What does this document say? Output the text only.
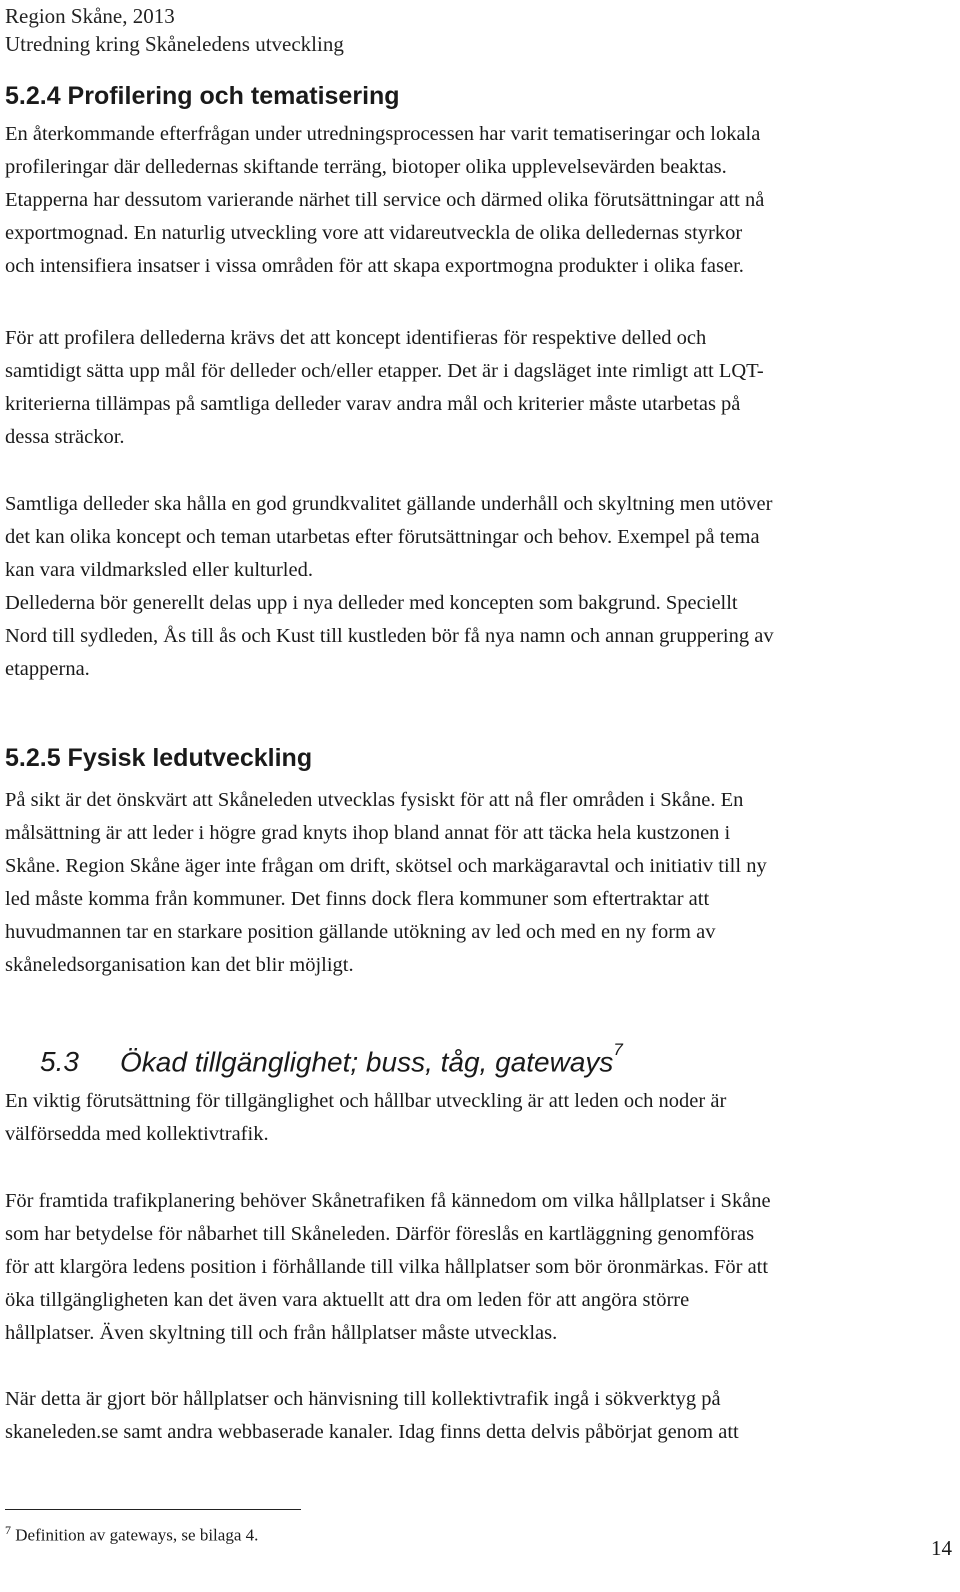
Region Skåne, 2013
Utredning kring Skåneledens utveckling
5.2.4 Profilering och tematisering
En återkommande efterfrågan under utredningsprocessen har varit tematiseringar och lokala
profileringar där delledernas skiftande terräng, biotoper olika upplevelsevärden beaktas.
Etapperna har dessutom varierande närhet till service och därmed olika förutsättningar att nå
exportmognad. En naturlig utveckling vore att vidareutveckla de olika delledernas styrkor
och intensifiera insatser i vissa områden för att skapa exportmogna produkter i olika faser.
För att profilera dellederna krävs det att koncept identifieras för respektive delled och
samtidigt sätta upp mål för delleder och/eller etapper. Det är i dagsläget inte rimligt att LQT-
kriterierna tillämpas på samtliga delleder varav andra mål och kriterier måste utarbetas på
dessa sträckor.
Samtliga delleder ska hålla en god grundkvalitet gällande underhåll och skyltning men utöver
det kan olika koncept och teman utarbetas efter förutsättningar och behov. Exempel på tema
kan vara vildmarksled eller kulturled.
Dellederna bör generellt delas upp i nya delleder med koncepten som bakgrund. Speciellt
Nord till sydleden, Ås till ås och Kust till kustleden bör få nya namn och annan gruppering av
etapperna.
5.2.5 Fysisk ledutveckling
På sikt är det önskvärt att Skåneleden utvecklas fysiskt för att nå fler områden i Skåne. En
målsättning är att leder i högre grad knyts ihop bland annat för att täcka hela kustzonen i
Skåne. Region Skåne äger inte frågan om drift, skötsel och markägaravtal och initiativ till ny
led måste komma från kommuner. Det finns dock flera kommuner som eftertraktar att
huvudmannen tar en starkare position gällande utökning av led och med en ny form av
skåneledsorganisation kan det blir möjligt.
5.3 Ökad tillgänglighet; buss, tåg, gateways$^7$
En viktig förutsättning för tillgänglighet och hållbar utveckling är att leden och noder är
välförsedda med kollektivtrafik.
För framtida trafikplanering behöver Skånetrafiken få kännedom om vilka hållplatser i Skåne
som har betydelse för nåbarhet till Skåneleden. Därför föreslås en kartläggning genomföras
för att klargöra ledens position i förhållande till vilka hållplatser som bör öronmärkas. För att
öka tillgängligheten kan det även vara aktuellt att dra om leden för att angöra större
hållplatser. Även skyltning till och från hållplatser måste utvecklas.
När detta är gjort bör hållplatser och hänvisning till kollektivtrafik ingå i sökverktyg på
skaneleden.se samt andra webbaserade kanaler. Idag finns detta delvis påbörjat genom att
$^7$ Definition av gateways, se bilaga 4.
14
